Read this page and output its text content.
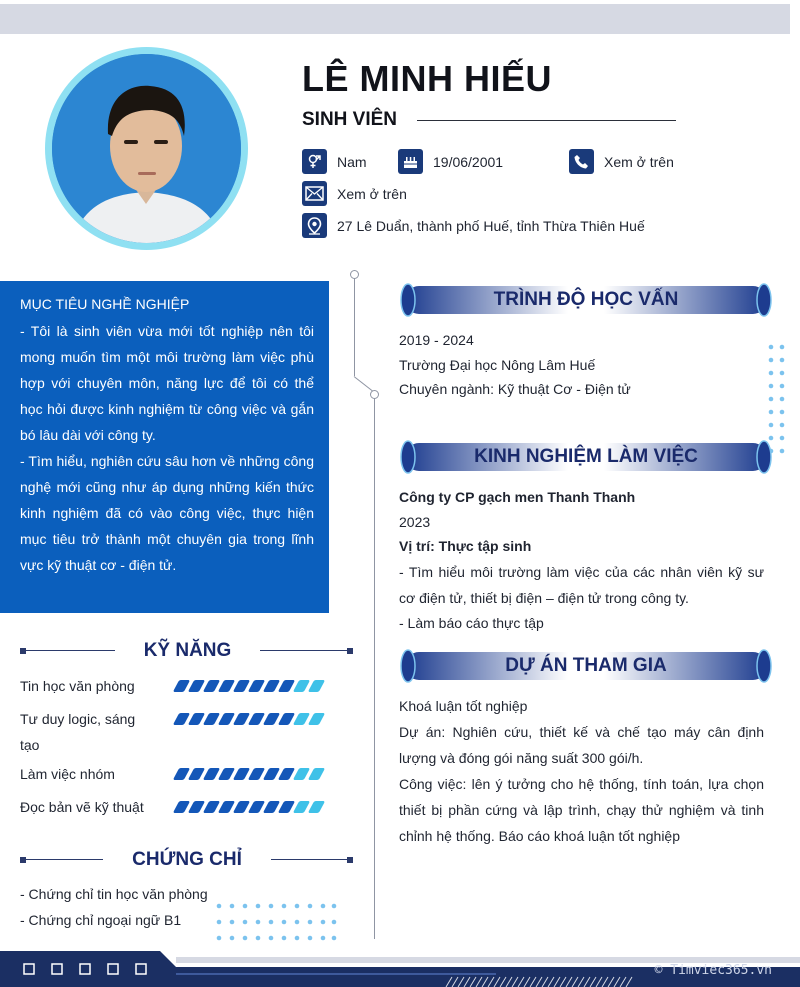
LÊ MINH HIẾU
SINH VIÊN
Nam	19/06/2001	Xem ở trên
Xem ở trên
27 Lê Duẩn, thành phố Huế, tỉnh Thừa Thiên Huế
MỤC TIÊU NGHỀ NGHIỆP

- Tôi là sinh viên vừa mới tốt nghiệp nên tôi mong muốn tìm một môi trường làm việc phù hợp với chuyên môn, năng lực để tôi có thể học hỏi được kinh nghiệm từ công việc và gắn bó lâu dài với công ty.

- Tìm hiểu, nghiên cứu sâu hơn về những công nghệ mới cũng như áp dụng những kiến thức kinh nghiệm đã có vào công việc, thực hiện mục tiêu trở thành một chuyên gia trong lĩnh vực kỹ thuật cơ - điện tử.

TRÌNH ĐỘ HỌC VẤN
KINH NGHIỆM LÀM VIỆC
DỰ ÁN THAM GIA
2019 - 2024
Trường Đại học Nông Lâm Huế
Chuyên ngành: Kỹ thuật Cơ - Điện tử
Công ty CP gạch men Thanh Thanh
2023
Vị trí: Thực tập sinh
- Tìm hiểu môi trường làm việc của các nhân viên kỹ sư cơ điện tử, thiết bị điện – điện tử trong công ty.
- Làm báo cáo thực tập
Khoá luận tốt nghiệp
Dự án: Nghiên cứu, thiết kế và chế tạo máy cân định lượng và đóng gói năng suất 300 gói/h.
Công việc: lên ý tưởng cho hệ thống, tính toán, lựa chọn thiết bị phần cứng và lập trình, chạy thử nghiệm và tinh chỉnh hệ thống. Báo cáo khoá luận tốt nghiệp
KỸ NĂNG
Tin học văn phòng
Tư duy logic, sáng tạo
Làm việc nhóm
Đọc bản vẽ kỹ thuật
CHỨNG CHỈ
- Chứng chỉ tin học văn phòng
- Chứng chỉ ngoại ngữ B1
© Timviec365.vn
